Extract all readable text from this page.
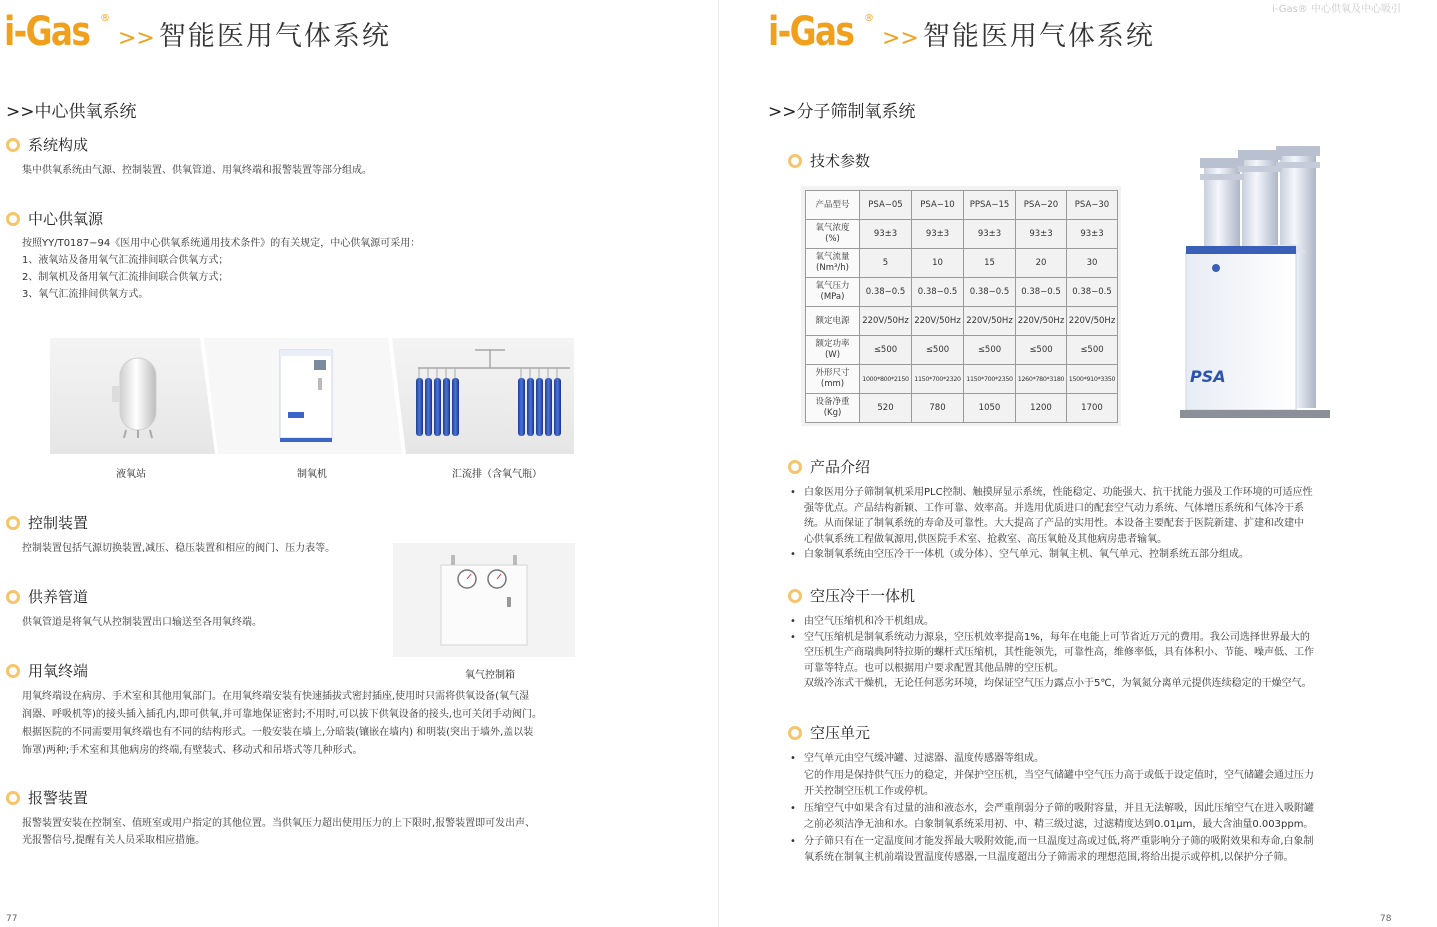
i-Gas® 中心供氧及中心吸引
i-Gas ®
>> 智能医用气体系统
>>中心供氧系统
系统构成
集中供氧系统由气源、控制装置、供氧管道、用氧终端和报警装置等部分组成。
中心供氧源

按照YY/T0187−94《医用中心供氧系统通用技术条件》的有关规定，中心供氧源可采用：

1、液氧站及备用氧气汇流排间联合供氧方式；

2、制氧机及备用氧气汇流排间联合供氧方式；

3、氧气汇流排间供氧方式。

液氧站	制氧机	汇流排（含氧气瓶）
控制装置
控制装置包括气源切换装置,减压、稳压装置和相应的阀门、压力表等。
供养管道
供氧管道是将氧气从控制装置出口输送至各用氧终端。
氧气控制箱
用氧终端

用氧终端设在病房、手术室和其他用氧部门。在用氧终端安装有快速插拔式密封插座,使用时只需将供氧设备(氧气湿

润器、呼吸机等)的接头插入插孔内,即可供氧,并可靠地保证密封;不用时,可以拔下供氧设备的接头,也可关闭手动阀门。

根据医院的不同需要用氧终端也有不同的结构形式。一般安装在墙上,分暗装(镶嵌在墙内) 和明装(突出于墙外,盖以装

饰罩)两种;手术室和其他病房的终端,有壁装式、移动式和吊塔式等几种形式。

报警装置

报警装置安装在控制室、值班室或用户指定的其他位置。当供氧压力超出使用压力的上下限时,报警装置即可发出声、

光报警信号,提醒有关人员采取相应措施。

77
i-Gas ®
>> 智能医用气体系统
>>分子筛制氧系统
技术参数
产品型号	PSA−05	PSA−10	PPSA−15	PSA−20	PSA−30
氧气浓度
(%)	93±3	93±3	93±3	93±3	93±3
氧气流量
(Nm³/h)	5	10	15	20	30
氧气压力
(MPa)	0.38−0.5	0.38−0.5	0.38−0.5	0.38−0.5	0.38−0.5
额定电源	220V/50Hz	220V/50Hz	220V/50Hz	220V/50Hz	220V/50Hz
额定功率
(W)	≤500	≤500	≤500	≤500	≤500
外形尺寸
(mm)	1000*800*2150	1150*700*2320	1150*700*2350	1260*780*3180	1500*910*3350
设备净重
(Kg)	520	780	1050	1200	1700
PSA
产品介绍
• 白象医用分子筛制氧机采用PLC控制、触摸屏显示系统，性能稳定、功能强大、抗干扰能力强及工作环境的可适应性
强等优点。产品结构新颖、工作可靠、效率高。并选用优质进口的配套空气动力系统、气体增压系统和气体冷干系
统。从而保证了制氧系统的寿命及可靠性。大大提高了产品的实用性。本设备主要配套于医院新建、扩建和改建中
心供氧系统工程做氧源用,供医院手术室、抢救室、高压氧舱及其他病房患者输氧。
• 白象制氧系统由空压冷干一体机（或分体）、空气单元、制氧主机、氧气单元、控制系统五部分组成。
空压冷干一体机
• 由空气压缩机和冷干机组成。
• 空气压缩机是制氧系统动力源泉，空压机效率提高1%，每年在电能上可节省近万元的费用。我公司选择世界最大的
空压机生产商瑞典阿特拉斯的螺杆式压缩机，其性能领先，可靠性高，维修率低，具有体积小、节能、噪声低、工作
可靠等特点。也可以根据用户要求配置其他品牌的空压机。
双级冷冻式干燥机，无论任何恶劣环境，均保证空气压力露点小于5℃，为氧氮分离单元提供连续稳定的干燥空气。
空压单元
• 空气单元由空气缓冲罐、过滤器、温度传感器等组成。
它的作用是保持供气压力的稳定，并保护空压机，当空气储罐中空气压力高于或低于设定值时，空气储罐会通过压力
开关控制空压机工作或停机。
• 压缩空气中如果含有过量的油和液态水，会严重削弱分子筛的吸附容量，并且无法解吸，因此压缩空气在进入吸附罐
之前必须洁净无油和水。白象制氧系统采用初、中、精三级过滤，过滤精度达到0.01μm，最大含油量0.003ppm。
• 分子筛只有在一定温度间才能发挥最大吸附效能,而一旦温度过高或过低,将严重影响分子筛的吸附效果和寿命,白象制
氧系统在制氧主机前端设置温度传感器,一旦温度超出分子筛需求的理想范围,将给出提示或停机,以保护分子筛。
78
